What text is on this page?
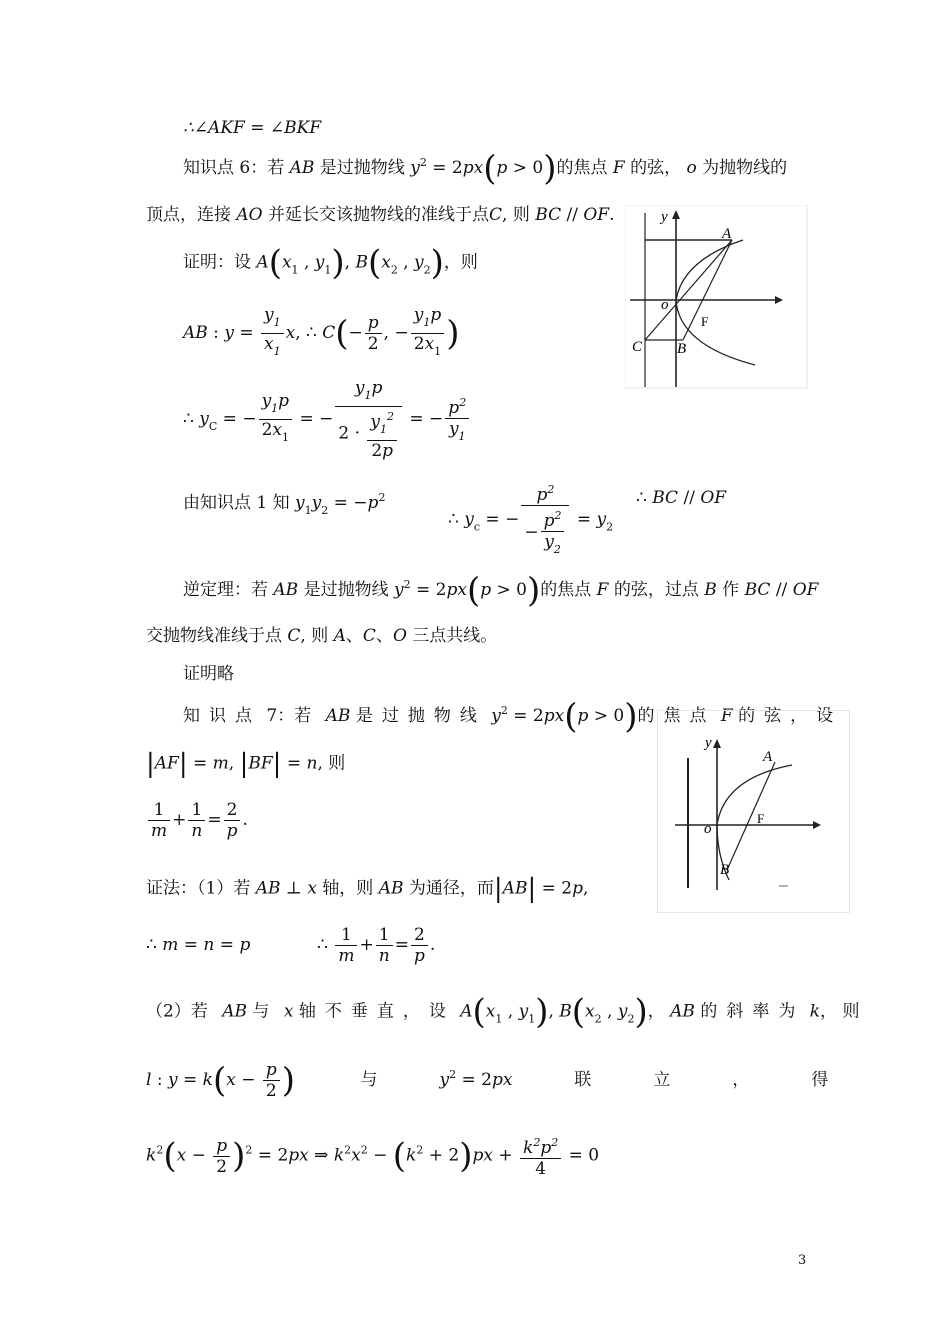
∴∠AKF = ∠BKF
知识点 6：若 AB 是过抛物线 $y^2 = 2px(p > 0)$的焦点 F 的弦， o 为抛物线的
顶点，连接 AO 并延长交该抛物线的准线于点C, 则 BC // OF.
证明：设 $A(x_1$ , $y_1$), $B(x_2$ , $y_2$)，则
AB : $y = \frac{y_1}{x_1} x$, ∴ $C(- \frac{p}{2}$ , − $\frac{y_1p}{2x_1}$ )
∴ $y_C$ = − $\frac{y_1p}{2x_1}$ = − $\frac{y_1p}{2 \cdot \frac{y_1^2}{2p}}$ = − $\frac{p^2}{y_1}$
由知识点 1 知 $y_1y_2 = -p^2$
∴ $y_c$ = − $\frac{p^2}{- \frac{p^2}{y_2}} = y_2$
∴ BC // OF
逆定理：若 AB 是过抛物线 $y^2 = 2px(p > 0)$的焦点 F 的弦，过点 B 作 BC // OF
交抛物线准线于点 C, 则 A、C、O 三点共线。
证明略
知识点 7：若 AB 是过抛物线 $y^2 = 2px(p > 0)$的焦点 F 的弦，设
|AF| = m, |BF| = n, 则
$\frac{1}{m} + \frac{1}{n} = \frac{2}{p}$ .
证法：（1）若 AB ⊥ x 轴，则 AB 为通径，而|AB| = 2p,
∴ m = n = p	∴ $\frac{1}{m} + \frac{1}{n} = \frac{2}{p}$ .
（2）若 AB 与 x 轴不垂直，设 $A(x_1$ , $y_1$), $B(x_2$ , $y_2$)， AB 的斜率为 k， 则
l : $y = k(x - \frac{p}{2}$ )	与	$y^2 = 2px$	联	立	，	得
$k^2(x - \frac{p}{2} )^2 = 2px$ ⇒ $k^2x^2 - (k^2 + 2)px + \frac{k^2p^2}{4} = 0$
3
y
A
o
F
C B
y
A
o
F
B
